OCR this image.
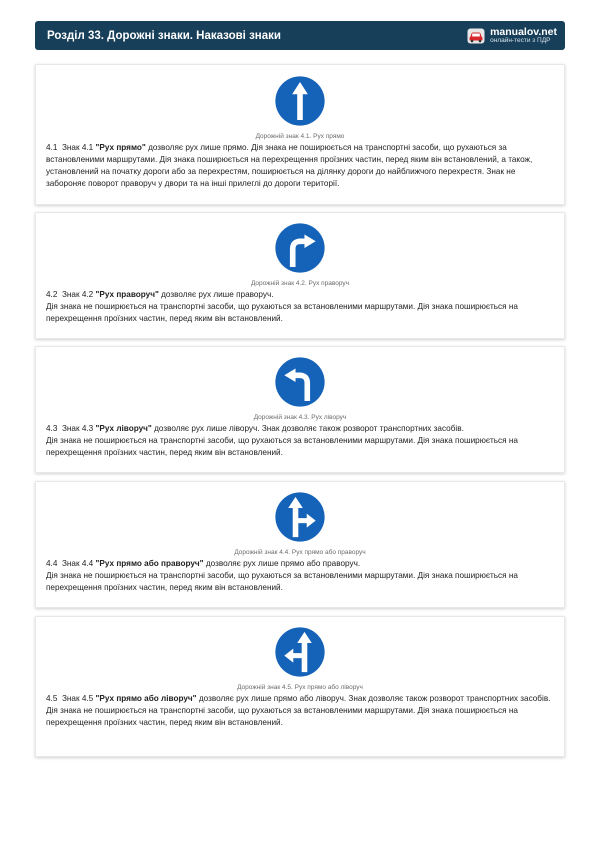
Розділ 33. Дорожні знаки. Наказові знаки	manualov.net
онлайн-тести з ПДР
Дорожній знак 4.1. Рух прямо
4.1 Знак 4.1 "Рух прямо" дозволяє рух лише прямо. Дія знака не поширюється на транспортні засоби, що рухаються за встановленими маршрутами. Дія знака поширюється на перехрещення проїзних частин, перед яким він встановлений, а також, установлений на початку дороги або за перехрестям, поширюється на ділянку дороги до найближчого перехрестя. Знак не забороняє поворот праворуч у двори та на інші прилеглі до дороги території.
Дорожній знак 4.2. Рух праворуч
4.2 Знак 4.2 "Рух праворуч" дозволяє рух лише праворуч.
Дія знака не поширюється на транспортні засоби, що рухаються за встановленими маршрутами. Дія знака поширюється на перехрещення проїзних частин, перед яким він встановлений.
Дорожній знак 4.3. Рух ліворуч
4.3 Знак 4.3 "Рух ліворуч" дозволяє рух лише ліворуч. Знак дозволяє також розворот транспортних засобів.
Дія знака не поширюється на транспортні засоби, що рухаються за встановленими маршрутами. Дія знака поширюється на перехрещення проїзних частин, перед яким він встановлений.
Дорожній знак 4.4. Рух прямо або праворуч
4.4 Знак 4.4 "Рух прямо або праворуч" дозволяє рух лише прямо або праворуч.
Дія знака не поширюється на транспортні засоби, що рухаються за встановленими маршрутами. Дія знака поширюється на перехрещення проїзних частин, перед яким він встановлений.
Дорожній знак 4.5. Рух прямо або ліворуч
4.5 Знак 4.5 "Рух прямо або ліворуч" дозволяє рух лише прямо або ліворуч. Знак дозволяє також розворот транспортних засобів.
Дія знака не поширюється на транспортні засоби, що рухаються за встановленими маршрутами. Дія знака поширюється на перехрещення проїзних частин, перед яким він встановлений.
